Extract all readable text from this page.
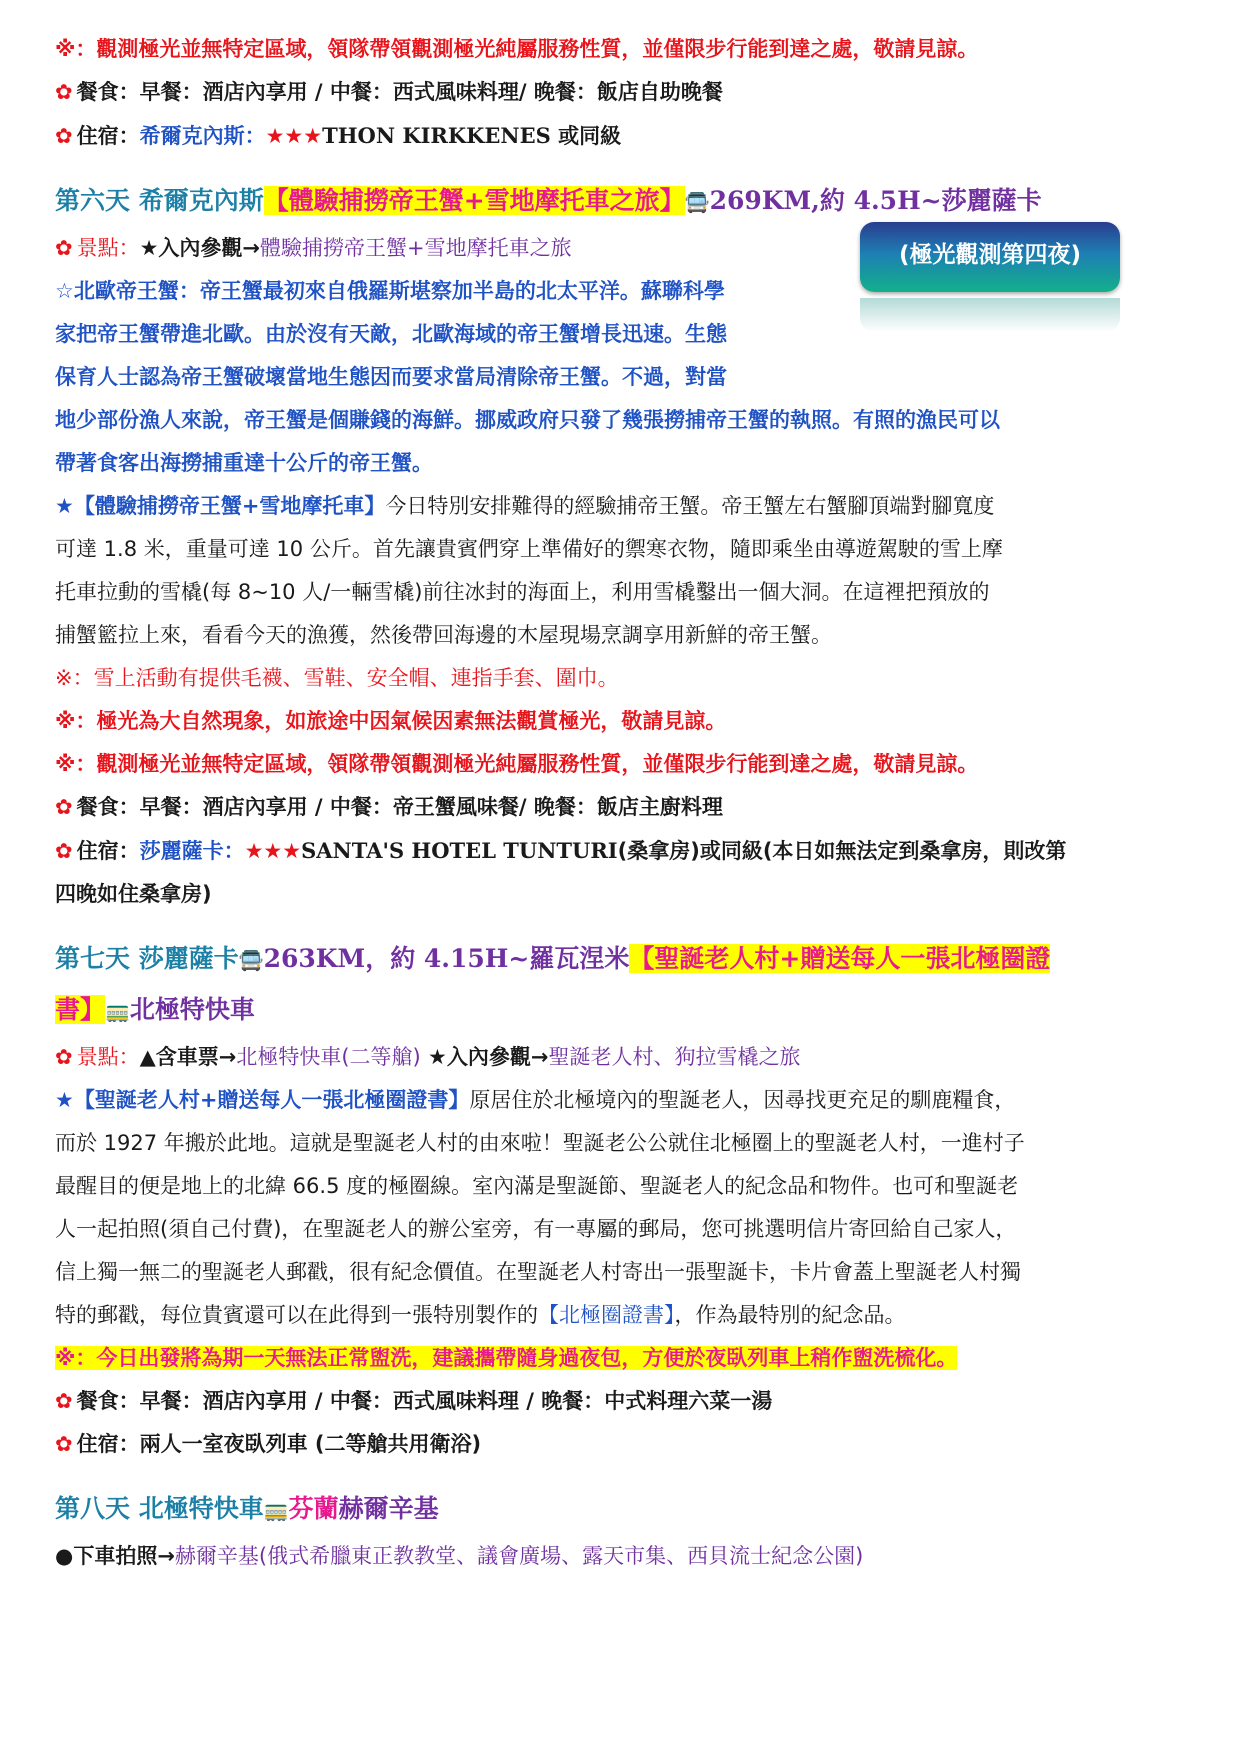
※：觀測極光並無特定區域，領隊帶領觀測極光純屬服務性質，並僅限步行能到達之處，敬請見諒。
✿ 餐食：早餐：酒店內享用 / 中餐：西式風味料理/ 晚餐：飯店自助晚餐
✿ 住宿：希爾克內斯：★★★THON KIRKKENES 或同級
第六天 希爾克內斯【體驗捕撈帝王蟹+雪地摩托車之旅】🚍269KM,約 4.5H~莎麗薩卡
✿ 景點：★入內參觀→體驗捕撈帝王蟹+雪地摩托車之旅
☆北歐帝王蟹：帝王蟹最初來自俄羅斯堪察加半島的北太平洋。蘇聯科學
家把帝王蟹帶進北歐。由於沒有天敵，北歐海域的帝王蟹增長迅速。生態
保育人士認為帝王蟹破壞當地生態因而要求當局清除帝王蟹。不過，對當
地少部份漁人來說，帝王蟹是個賺錢的海鮮。挪威政府只發了幾張撈捕帝王蟹的執照。有照的漁民可以
帶著食客出海撈捕重達十公斤的帝王蟹。
★【體驗捕撈帝王蟹+雪地摩托車】今日特別安排難得的經驗捕帝王蟹。帝王蟹左右蟹腳頂端對腳寬度
可達 1.8 米，重量可達 10 公斤。首先讓貴賓們穿上準備好的禦寒衣物，隨即乘坐由導遊駕駛的雪上摩
托車拉動的雪橇(每 8~10 人/一輛雪橇)前往冰封的海面上，利用雪橇鑿出一個大洞。在這裡把預放的
捕蟹籃拉上來，看看今天的漁獲，然後帶回海邊的木屋現場烹調享用新鮮的帝王蟹。
※：雪上活動有提供毛襪、雪鞋、安全帽、連指手套、圍巾。
※：極光為大自然現象，如旅途中因氣候因素無法觀賞極光，敬請見諒。
※：觀測極光並無特定區域，領隊帶領觀測極光純屬服務性質，並僅限步行能到達之處，敬請見諒。
✿ 餐食：早餐：酒店內享用 / 中餐：帝王蟹風味餐/ 晚餐：飯店主廚料理
✿ 住宿：莎麗薩卡：★★★SANTA'S HOTEL TUNTURI(桑拿房)或同級(本日如無法定到桑拿房，則改第
四晚如住桑拿房)
第七天 莎麗薩卡🚍263KM，約 4.15H~羅瓦涅米【聖誕老人村+贈送每人一張北極圈證
書】🚃北極特快車
✿ 景點：▲含車票→北極特快車(二等艙) ★入內參觀→聖誕老人村、狗拉雪橇之旅
★【聖誕老人村+贈送每人一張北極圈證書】原居住於北極境內的聖誕老人，因尋找更充足的馴鹿糧食，
而於 1927 年搬於此地。這就是聖誕老人村的由來啦！聖誕老公公就住北極圈上的聖誕老人村，一進村子
最醒目的便是地上的北緯 66.5 度的極圈線。室內滿是聖誕節、聖誕老人的紀念品和物件。也可和聖誕老
人一起拍照(須自己付費)，在聖誕老人的辦公室旁，有一專屬的郵局，您可挑選明信片寄回給自己家人，
信上獨一無二的聖誕老人郵戳，很有紀念價值。在聖誕老人村寄出一張聖誕卡，卡片會蓋上聖誕老人村獨
特的郵戳，每位貴賓還可以在此得到一張特別製作的【北極圈證書】，作為最特別的紀念品。
※：今日出發將為期一天無法正常盥洗，建議攜帶隨身過夜包，方便於夜臥列車上稍作盥洗梳化。
✿ 餐食：早餐：酒店內享用 / 中餐：西式風味料理 / 晚餐：中式料理六菜一湯
✿ 住宿：兩人一室夜臥列車 (二等艙共用衛浴)
第八天 北極特快車🚃芬蘭赫爾辛基
●下車拍照→赫爾辛基(俄式希臘東正教教堂、議會廣場、露天市集、西貝流士紀念公園)
(極光觀測第四夜)
